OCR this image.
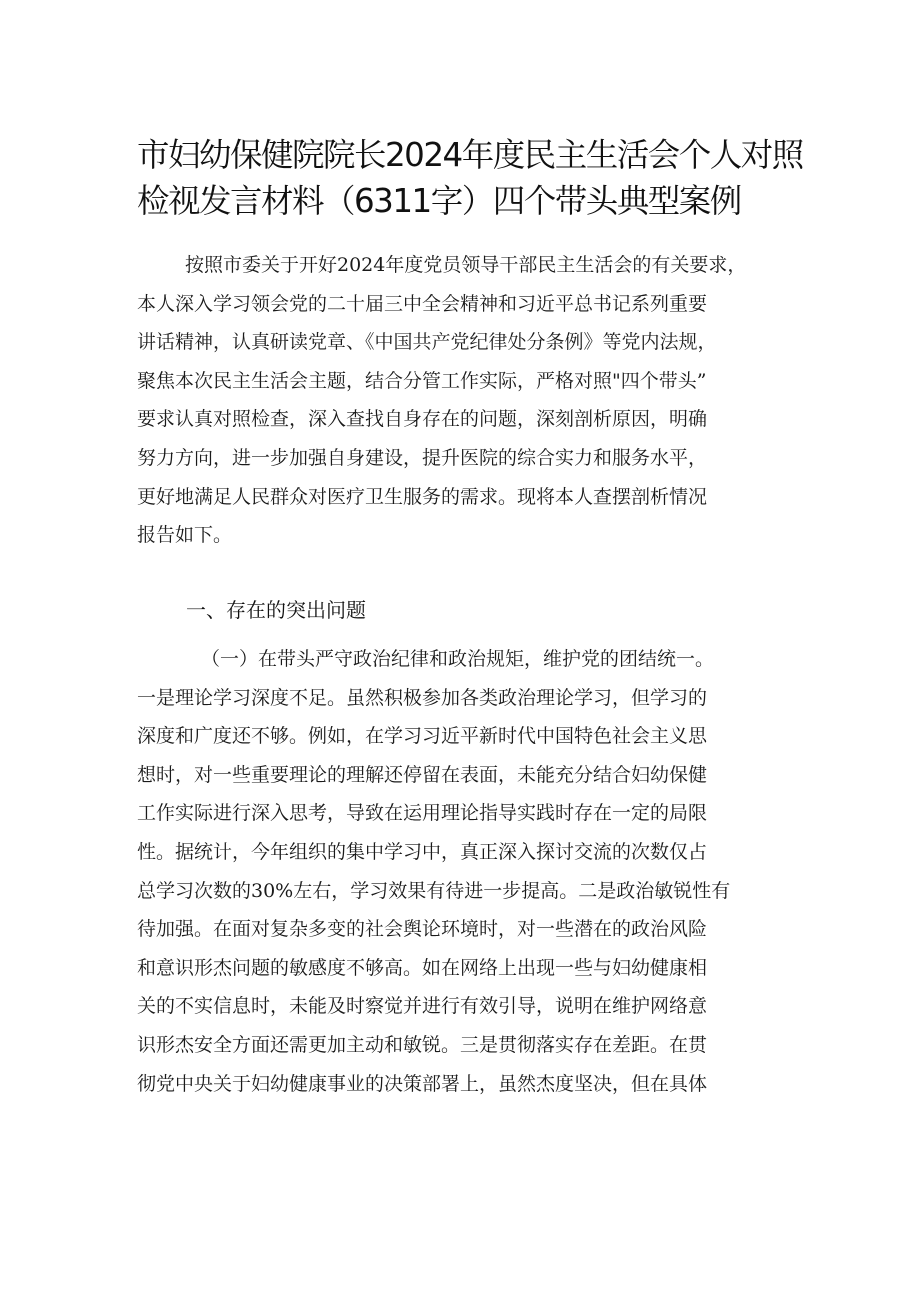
市妇幼保健院院长2024年度民主生活会个人对照
检视发言材料（6311字）四个带头典型案例
按照市委关于开好2024年度党员领导干部民主生活会的有关要求，
本人深入学习领会党的二十届三中全会精神和习近平总书记系列重要
讲话精神，认真研读党章、《中国共产党纪律处分条例》等党内法规，
聚焦本次民主生活会主题，结合分管工作实际，严格对照"四个带头”
要求认真对照检查，深入查找自身存在的问题，深刻剖析原因，明确
努力方向，进一步加强自身建设，提升医院的综合实力和服务水平，
更好地满足人民群众对医疗卫生服务的需求。现将本人查摆剖析情况
报告如下。
一、存在的突出问题
（一）在带头严守政治纪律和政治规矩，维护党的团结统一。
一是理论学习深度不足。虽然积极参加各类政治理论学习，但学习的
深度和广度还不够。例如，在学习习近平新时代中国特色社会主义思
想时，对一些重要理论的理解还停留在表面，未能充分结合妇幼保健
工作实际进行深入思考，导致在运用理论指导实践时存在一定的局限
性。据统计，今年组织的集中学习中，真正深入探讨交流的次数仅占
总学习次数的30%左右，学习效果有待进一步提高。二是政治敏锐性有
待加强。在面对复杂多变的社会舆论环境时，对一些潜在的政治风险
和意识形杰问题的敏感度不够高。如在网络上出现一些与妇幼健康相
关的不实信息时，未能及时察觉并进行有效引导，说明在维护网络意
识形杰安全方面还需更加主动和敏锐。三是贯彻落实存在差距。在贯
彻党中央关于妇幼健康事业的决策部署上，虽然杰度坚决，但在具体
